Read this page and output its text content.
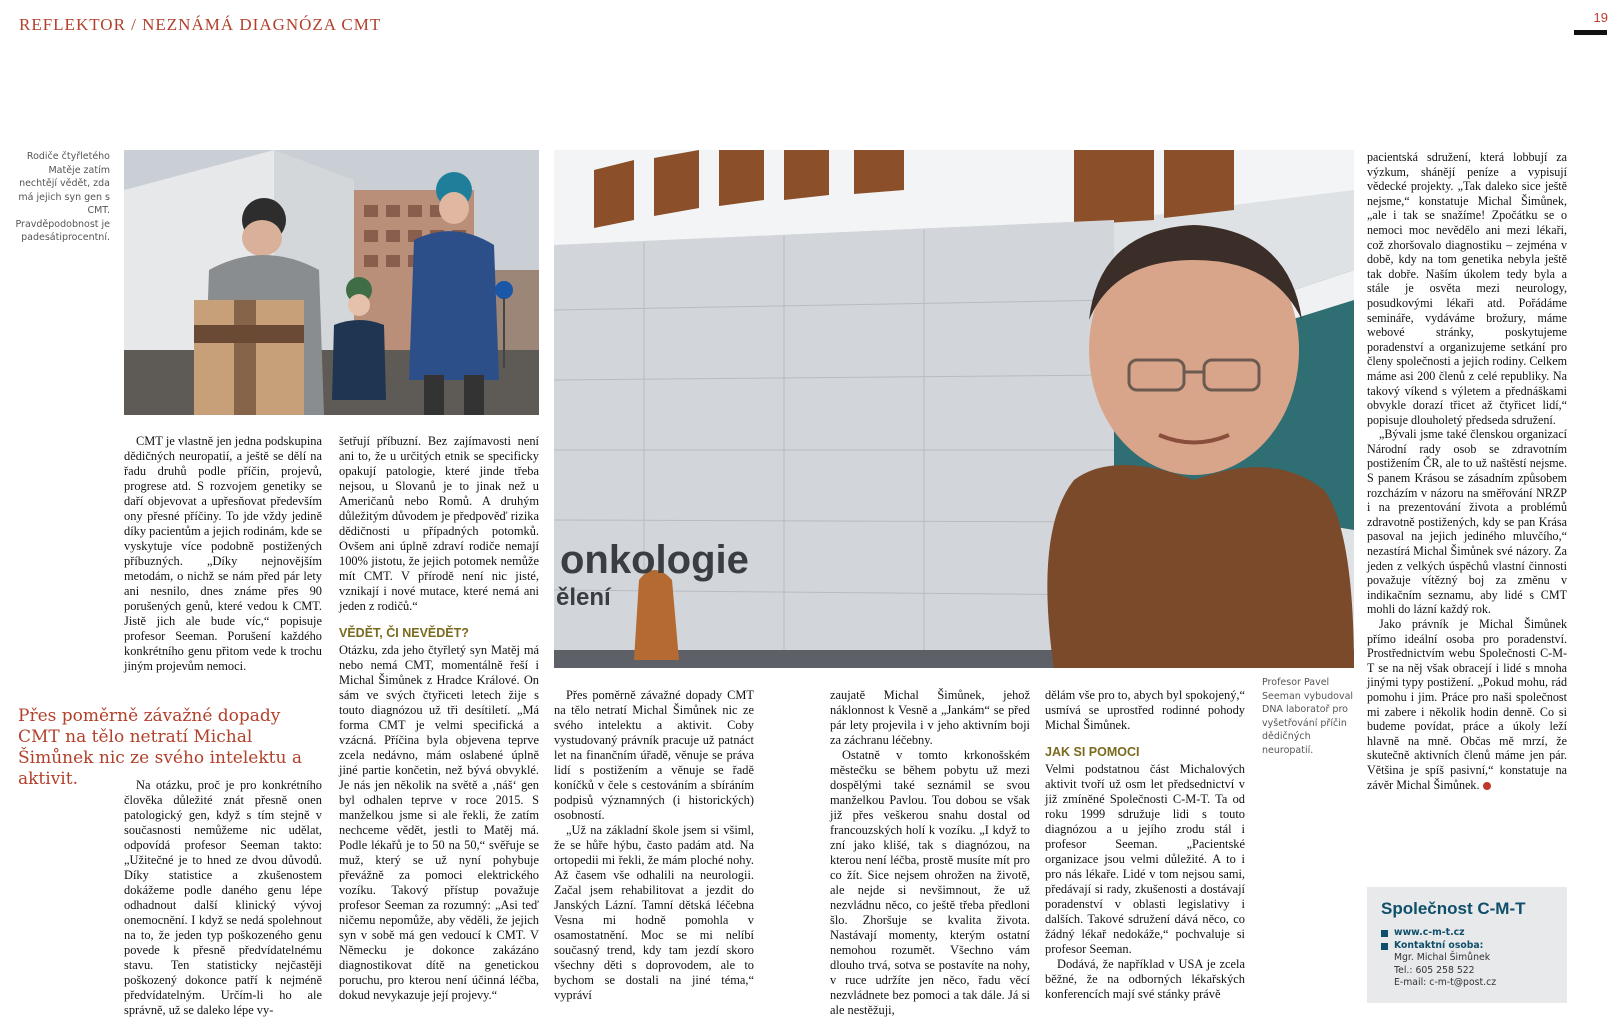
REFLEKTOR / NEZNÁMÁ DIAGNÓZA CMT	19
Rodiče čtyřletého Matěje zatím nechtějí vědět, zda má jejich syn gen s CMT. Pravděpodobnost je padesátiprocentní.
onkologie
ělení
Profesor Pavel Seeman vybudoval DNA laboratoř pro vyšetřování příčin dědičných neuropatií.

CMT je vlastně jen jedna podskupina dědičných neuropatií, a ještě se dělí na řadu druhů podle příčin, projevů, progrese atd. S rozvojem genetiky se daří objevovat a upřesňovat především ony přesné příčiny. To jde vždy jedině díky pacientům a jejich rodinám, kde se vyskytuje více podobně postižených příbuzných. „Díky nejnovějším metodám, o nichž se nám před pár lety ani nesnilo, dnes známe přes 90 porušených genů, které vedou k CMT. Jistě jich ale bude víc,“ popisuje profesor Seeman. Porušení každého konkrétního genu přitom vede k trochu jiným projevům nemoci.

Přes poměrně závažné dopady CMT na tělo netratí Michal Šimůnek nic ze svého intelektu a aktivit.	Na otázku, proč je pro konkrétního člověka důležité znát přesně onen patologický gen, když s tím stejně v současnosti nemůžeme nic udělat, odpovídá profesor Seeman takto: „Užitečné je to hned ze dvou důvodů. Díky statistice a zkušenostem dokážeme podle daného genu lépe odhadnout další klinický vývoj onemocnění. I když se nedá spolehnout na to, že jeden typ poškozeného genu povede k přesně předvídatelnému stavu. Ten statisticky nejčastěji poškozený dokonce patří k nejméně předvídatelným. Určím-li ho ale správně, už se daleko lépe vy-

šetřují příbuzní. Bez zajímavosti není ani to, že u určitých etnik se specificky opakují patologie, které jinde třeba nejsou, u Slovanů je to jinak než u Američanů nebo Romů. A druhým důležitým důvodem je předpověď rizika dědičnosti u případných potomků. Ovšem ani úplně zdraví rodiče nemají 100% jistotu, že jejich potomek nemůže mít CMT. V přírodě není nic jisté, vznikají i nové mutace, které nemá ani jeden z rodičů.“

VĚDĚT, ČI NEVĚDĚT?

Otázku, zda jeho čtyřletý syn Matěj má nebo nemá CMT, momentálně řeší i Michal Šimůnek z Hradce Králové. On sám ve svých čtyřiceti letech žije s touto diagnózou už tři desítiletí. „Má forma CMT je velmi specifická a vzácná. Příčina byla objevena teprve zcela nedávno, mám oslabené úplně jiné partie končetin, než bývá obvyklé. Je nás jen několik na světě a ‚náš‘ gen byl odhalen teprve v roce 2015. S manželkou jsme si ale řekli, že zatím nechceme vědět, jestli to Matěj má. Podle lékařů je to 50 na 50,“ svěřuje se muž, který se už nyní pohybuje převážně za pomoci elektrického vozíku. Takový přístup považuje profesor Seeman za rozumný: „Asi teď ničemu nepomůže, aby věděli, že jejich syn v sobě má gen vedoucí k CMT. V Německu je dokonce zakázáno diagnostikovat dítě na genetickou poruchu, pro kterou není účinná léčba, dokud nevykazuje její projevy.“

Přes poměrně závažné dopady CMT na tělo netratí Michal Šimůnek nic ze svého intelektu a aktivit. Coby vystudovaný právník pracuje už patnáct let na finančním úřadě, věnuje se práva lidí s postižením a věnuje se řadě koníčků v čele s cestováním a sbíráním podpisů významných (i historických) osobností.

„Už na základní škole jsem si všiml, že se hůře hýbu, často padám atd. Na ortopedii mi řekli, že mám ploché nohy. Až časem vše odhalili na neurologii. Začal jsem rehabilitovat a jezdit do Janských Lázní. Tamní dětská léčebna Vesna mi hodně pomohla v osamostatnění. Moc se mi nelíbí současný trend, kdy tam jezdí skoro všechny děti s doprovodem, ale to bychom se dostali na jiné téma,“ vypráví

zaujatě Michal Šimůnek, jehož náklonnost k Vesně a „Jankám“ se před pár lety projevila i v jeho aktivním boji za záchranu léčebny.

Ostatně v tomto krkonošském městečku se během pobytu už mezi dospělými také seznámil se svou manželkou Pavlou. Tou dobou se však již přes veškerou snahu dostal od francouzských holí k vozíku. „I když to zní jako klišé, tak s diagnózou, na kterou není léčba, prostě musíte mít pro co žít. Sice nejsem ohrožen na životě, ale nejde si nevšimnout, že už nezvládnu něco, co ještě třeba předloni šlo. Zhoršuje se kvalita života. Nastávají momenty, kterým ostatní nemohou rozumět. Všechno vám dlouho trvá, sotva se postavíte na nohy, v ruce udržíte jen něco, řadu věcí nezvládnete bez pomoci a tak dále. Já si ale nestěžuji,

dělám vše pro to, abych byl spokojený,“ usmívá se uprostřed rodinné pohody Michal Šimůnek.

JAK SI POMOCI

Velmi podstatnou část Michalových aktivit tvoří už osm let předsednictví v již zmíněné Společnosti C-M-T. Ta od roku 1999 sdružuje lidi s touto diagnózou a u jejího zrodu stál i profesor Seeman. „Pacientské organizace jsou velmi důležité. A to i pro nás lékaře. Lidé v tom nejsou sami, předávají si rady, zkušenosti a dostávají poradenství v oblasti legislativy i dalších. Takové sdružení dává něco, co žádný lékař nedokáže,“ pochvaluje si profesor Seeman.

Dodává, že například v USA je zcela běžné, že na odborných lékařských konferencích mají své stánky právě

pacientská sdružení, která lobbují za výzkum, shánějí peníze a vypisují vědecké projekty. „Tak daleko sice ještě nejsme,“ konstatuje Michal Šimůnek, „ale i tak se snažíme! Zpočátku se o nemoci moc nevědělo ani mezi lékaři, což zhoršovalo diagnostiku – zejména v době, kdy na tom genetika nebyla ještě tak dobře. Naším úkolem tedy byla a stále je osvěta mezi neurology, posudkovými lékaři atd. Pořádáme semináře, vydáváme brožury, máme webové stránky, poskytujeme poradenství a organizujeme setkání pro členy společnosti a jejich rodiny. Celkem máme asi 200 členů z celé republiky. Na takový víkend s výletem a přednáškami obvykle dorazí třicet až čtyřicet lidí,“ popisuje dlouholetý předseda sdružení.

„Bývali jsme také členskou organizací Národní rady osob se zdravotním postižením ČR, ale to už naštěstí nejsme. S panem Krásou se zásadním způsobem rozcházím v názoru na směřování NRZP i na prezentování života a problémů zdravotně postižených, kdy se pan Krása pasoval na jejich jediného mluvčího,“ nezastírá Michal Šimůnek své názory. Za jeden z velkých úspěchů vlastní činnosti považuje vítězný boj za změnu v indikačním seznamu, aby lidé s CMT mohli do lázní každý rok.

Jako právník je Michal Šimůnek přímo ideální osoba pro poradenství. Prostřednictvím webu Společnosti C-M-T se na něj však obracejí i lidé s mnoha jinými typy postižení. „Pokud mohu, rád pomohu i jim. Práce pro naši společnost mi zabere i několik hodin denně. Co si budeme povídat, práce a úkoly leží hlavně na mně. Občas mě mrzí, že skutečně aktivních členů máme jen pár. Většina je spíš pasivní,“ konstatuje na závěr Michal Šimůnek.

Společnost C-M-T
www.c-m-t.cz
Kontaktní osoba:
Mgr. Michal Šimůnek
Tel.: 605 258 522
E-mail: c-m-t@post.cz
